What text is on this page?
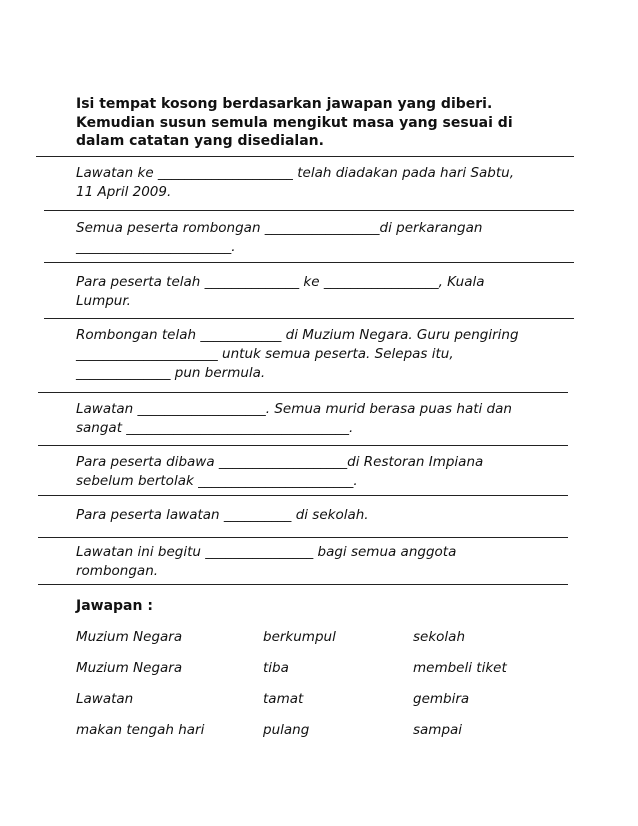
Isi tempat kosong berdasarkan jawapan yang diberi. Kemudian susun semula mengikut masa yang sesuai di dalam catatan yang disedialan.

Lawatan ke ____________________ telah diadakan pada hari Sabtu,
11 April 2009.
Semua peserta rombongan _________________di perkarangan
_______________________.
Para peserta telah ______________ ke _________________, Kuala
Lumpur.
Rombongan telah ____________ di Muzium Negara. Guru pengiring
_____________________ untuk semua peserta. Selepas itu,
______________ pun bermula.
Lawatan ___________________. Semua murid berasa puas hati dan
sangat _________________________________.
Para peserta dibawa ___________________di Restoran Impiana
sebelum bertolak _______________________.
Para peserta lawatan __________ di sekolah.
Lawatan ini begitu ________________ bagi semua anggota
rombongan.

Jawapan :

Muzium Negara	berkumpul	sekolah
Muzium Negara	tiba	membeli tiket
Lawatan	tamat	gembira
makan tengah hari	pulang	sampai
